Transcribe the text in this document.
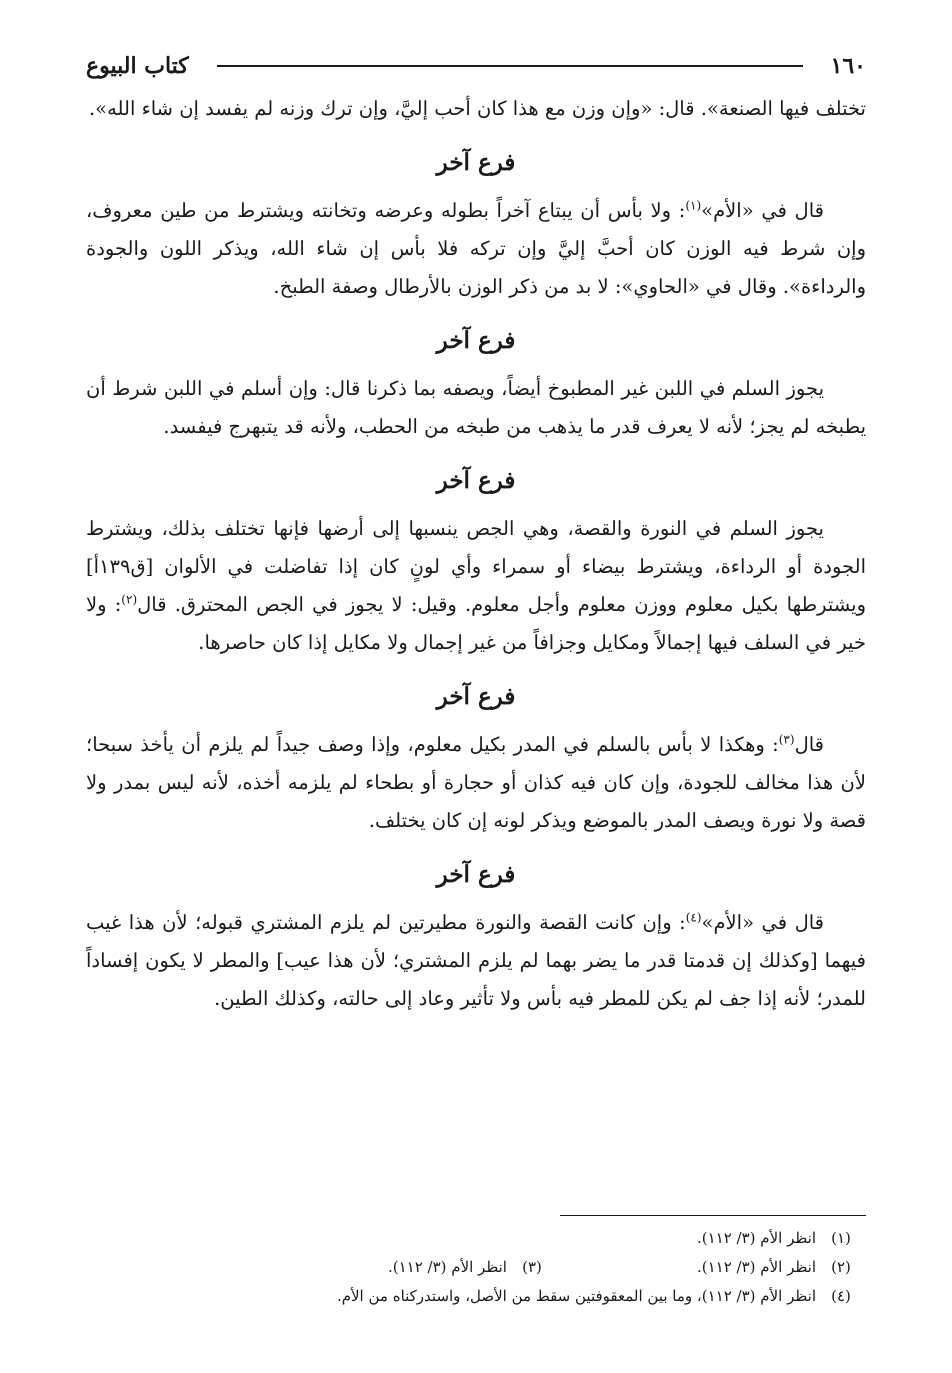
١٦٠
كتاب البيوع

تختلف فيها الصنعة». قال: «وإن وزن مع هذا كان أحب إليَّ، وإن ترك وزنه لم يفسد إن شاء الله».

فرع آخر

قال في «الأم»$^{(١)}$: ولا بأس أن يبتاع آخراً بطوله وعرضه وتخانته ويشترط من طين معروف، وإن شرط فيه الوزن كان أحبَّ إليَّ وإن تركه فلا بأس إن شاء الله، ويذكر اللون والجودة والرداءة». وقال في «الحاوي»: لا بد من ذكر الوزن بالأرطال وصفة الطبخ.

فرع آخر

يجوز السلم في اللبن غير المطبوخ أيضاً، ويصفه بما ذكرنا قال: وإن أسلم في اللبن شرط أن يطبخه لم يجز؛ لأنه لا يعرف قدر ما يذهب من طبخه من الحطب، ولأنه قد يتبهرج فيفسد.

فرع آخر

يجوز السلم في النورة والقصة، وهي الجص ينسبها إلى أرضها فإنها تختلف بذلك، ويشترط الجودة أو الرداءة، ويشترط بيضاء أو سمراء وأي لونٍ كان إذا تفاضلت في الألوان [ق١٣٩أ] ويشترطها بكيل معلوم ووزن معلوم وأجل معلوم. وقيل: لا يجوز في الجص المحترق. قال$^{(٢)}$: ولا خير في السلف فيها إجمالاً ومكايل وجزافاً من غير إجمال ولا مكايل إذا كان حاصرها.

فرع آخر

قال$^{(٣)}$: وهكذا لا بأس بالسلم في المدر بكيل معلوم، وإذا وصف جيداً لم يلزم أن يأخذ سبحا؛ لأن هذا مخالف للجودة، وإن كان فيه كذان أو حجارة أو بطحاء لم يلزمه أخذه، لأنه ليس بمدر ولا قصة ولا نورة ويصف المدر بالموضع ويذكر لونه إن كان يختلف.

فرع آخر

قال في «الأم»$^{(٤)}$: وإن كانت القصة والنورة مطيرتين لم يلزم المشتري قبوله؛ لأن هذا غيب فيهما [وكذلك إن قدمتا قدر ما يضر بهما لم يلزم المشتري؛ لأن هذا عيب] والمطر لا يكون إفساداً للمدر؛ لأنه إذا جف لم يكن للمطر فيه بأس ولا تأثير وعاد إلى حالته، وكذلك الطين.

(١)
انظر الأم (٣/ ١١٢).
(٢)
انظر الأم (٣/ ١١٢).
(٣)
انظر الأم (٣/ ١١٢).
(٤)
انظر الأم (٣/ ١١٢)، وما بين المعقوفتين سقط من الأصل، واستدركناه من الأم.
